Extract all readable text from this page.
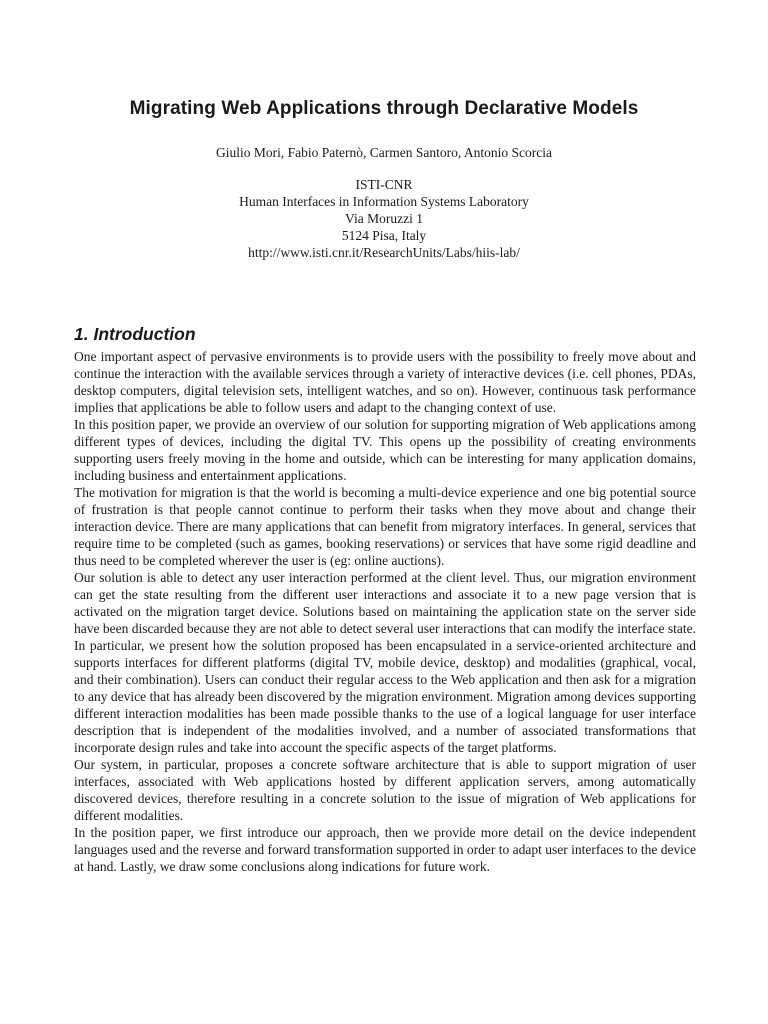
Migrating Web Applications through Declarative Models
Giulio Mori, Fabio Paternò, Carmen Santoro, Antonio Scorcia
ISTI-CNR
Human Interfaces in Information Systems Laboratory
Via Moruzzi 1
5124 Pisa, Italy
http://www.isti.cnr.it/ResearchUnits/Labs/hiis-lab/
1. Introduction

One important aspect of pervasive environments is to provide users with the possibility to freely move about and continue the interaction with the available services through a variety of interactive devices (i.e. cell phones, PDAs, desktop computers, digital television sets, intelligent watches, and so on). However, continuous task performance implies that applications be able to follow users and adapt to the changing context of use.

In this position paper, we provide an overview of our solution for supporting migration of Web applications among different types of devices, including the digital TV. This opens up the possibility of creating environments supporting users freely moving in the home and outside, which can be interesting for many application domains, including business and entertainment applications.

The motivation for migration is that the world is becoming a multi-device experience and one big potential source of frustration is that people cannot continue to perform their tasks when they move about and change their interaction device. There are many applications that can benefit from migratory interfaces. In general, services that require time to be completed (such as games, booking reservations) or services that have some rigid deadline and thus need to be completed wherever the user is (eg: online auctions).

Our solution is able to detect any user interaction performed at the client level. Thus, our migration environment can get the state resulting from the different user interactions and associate it to a new page version that is activated on the migration target device. Solutions based on maintaining the application state on the server side have been discarded because they are not able to detect several user interactions that can modify the interface state. In particular, we present how the solution proposed has been encapsulated in a service-oriented architecture and supports interfaces for different platforms (digital TV, mobile device, desktop) and modalities (graphical, vocal, and their combination). Users can conduct their regular access to the Web application and then ask for a migration to any device that has already been discovered by the migration environment. Migration among devices supporting different interaction modalities has been made possible thanks to the use of a logical language for user interface description that is independent of the modalities involved, and a number of associated transformations that incorporate design rules and take into account the specific aspects of the target platforms.

Our system, in particular, proposes a concrete software architecture that is able to support migration of user interfaces, associated with Web applications hosted by different application servers, among automatically discovered devices, therefore resulting in a concrete solution to the issue of migration of Web applications for different modalities.

In the position paper, we first introduce our approach, then we provide more detail on the device independent languages used and the reverse and forward transformation supported in order to adapt user interfaces to the device at hand. Lastly, we draw some conclusions along indications for future work.
